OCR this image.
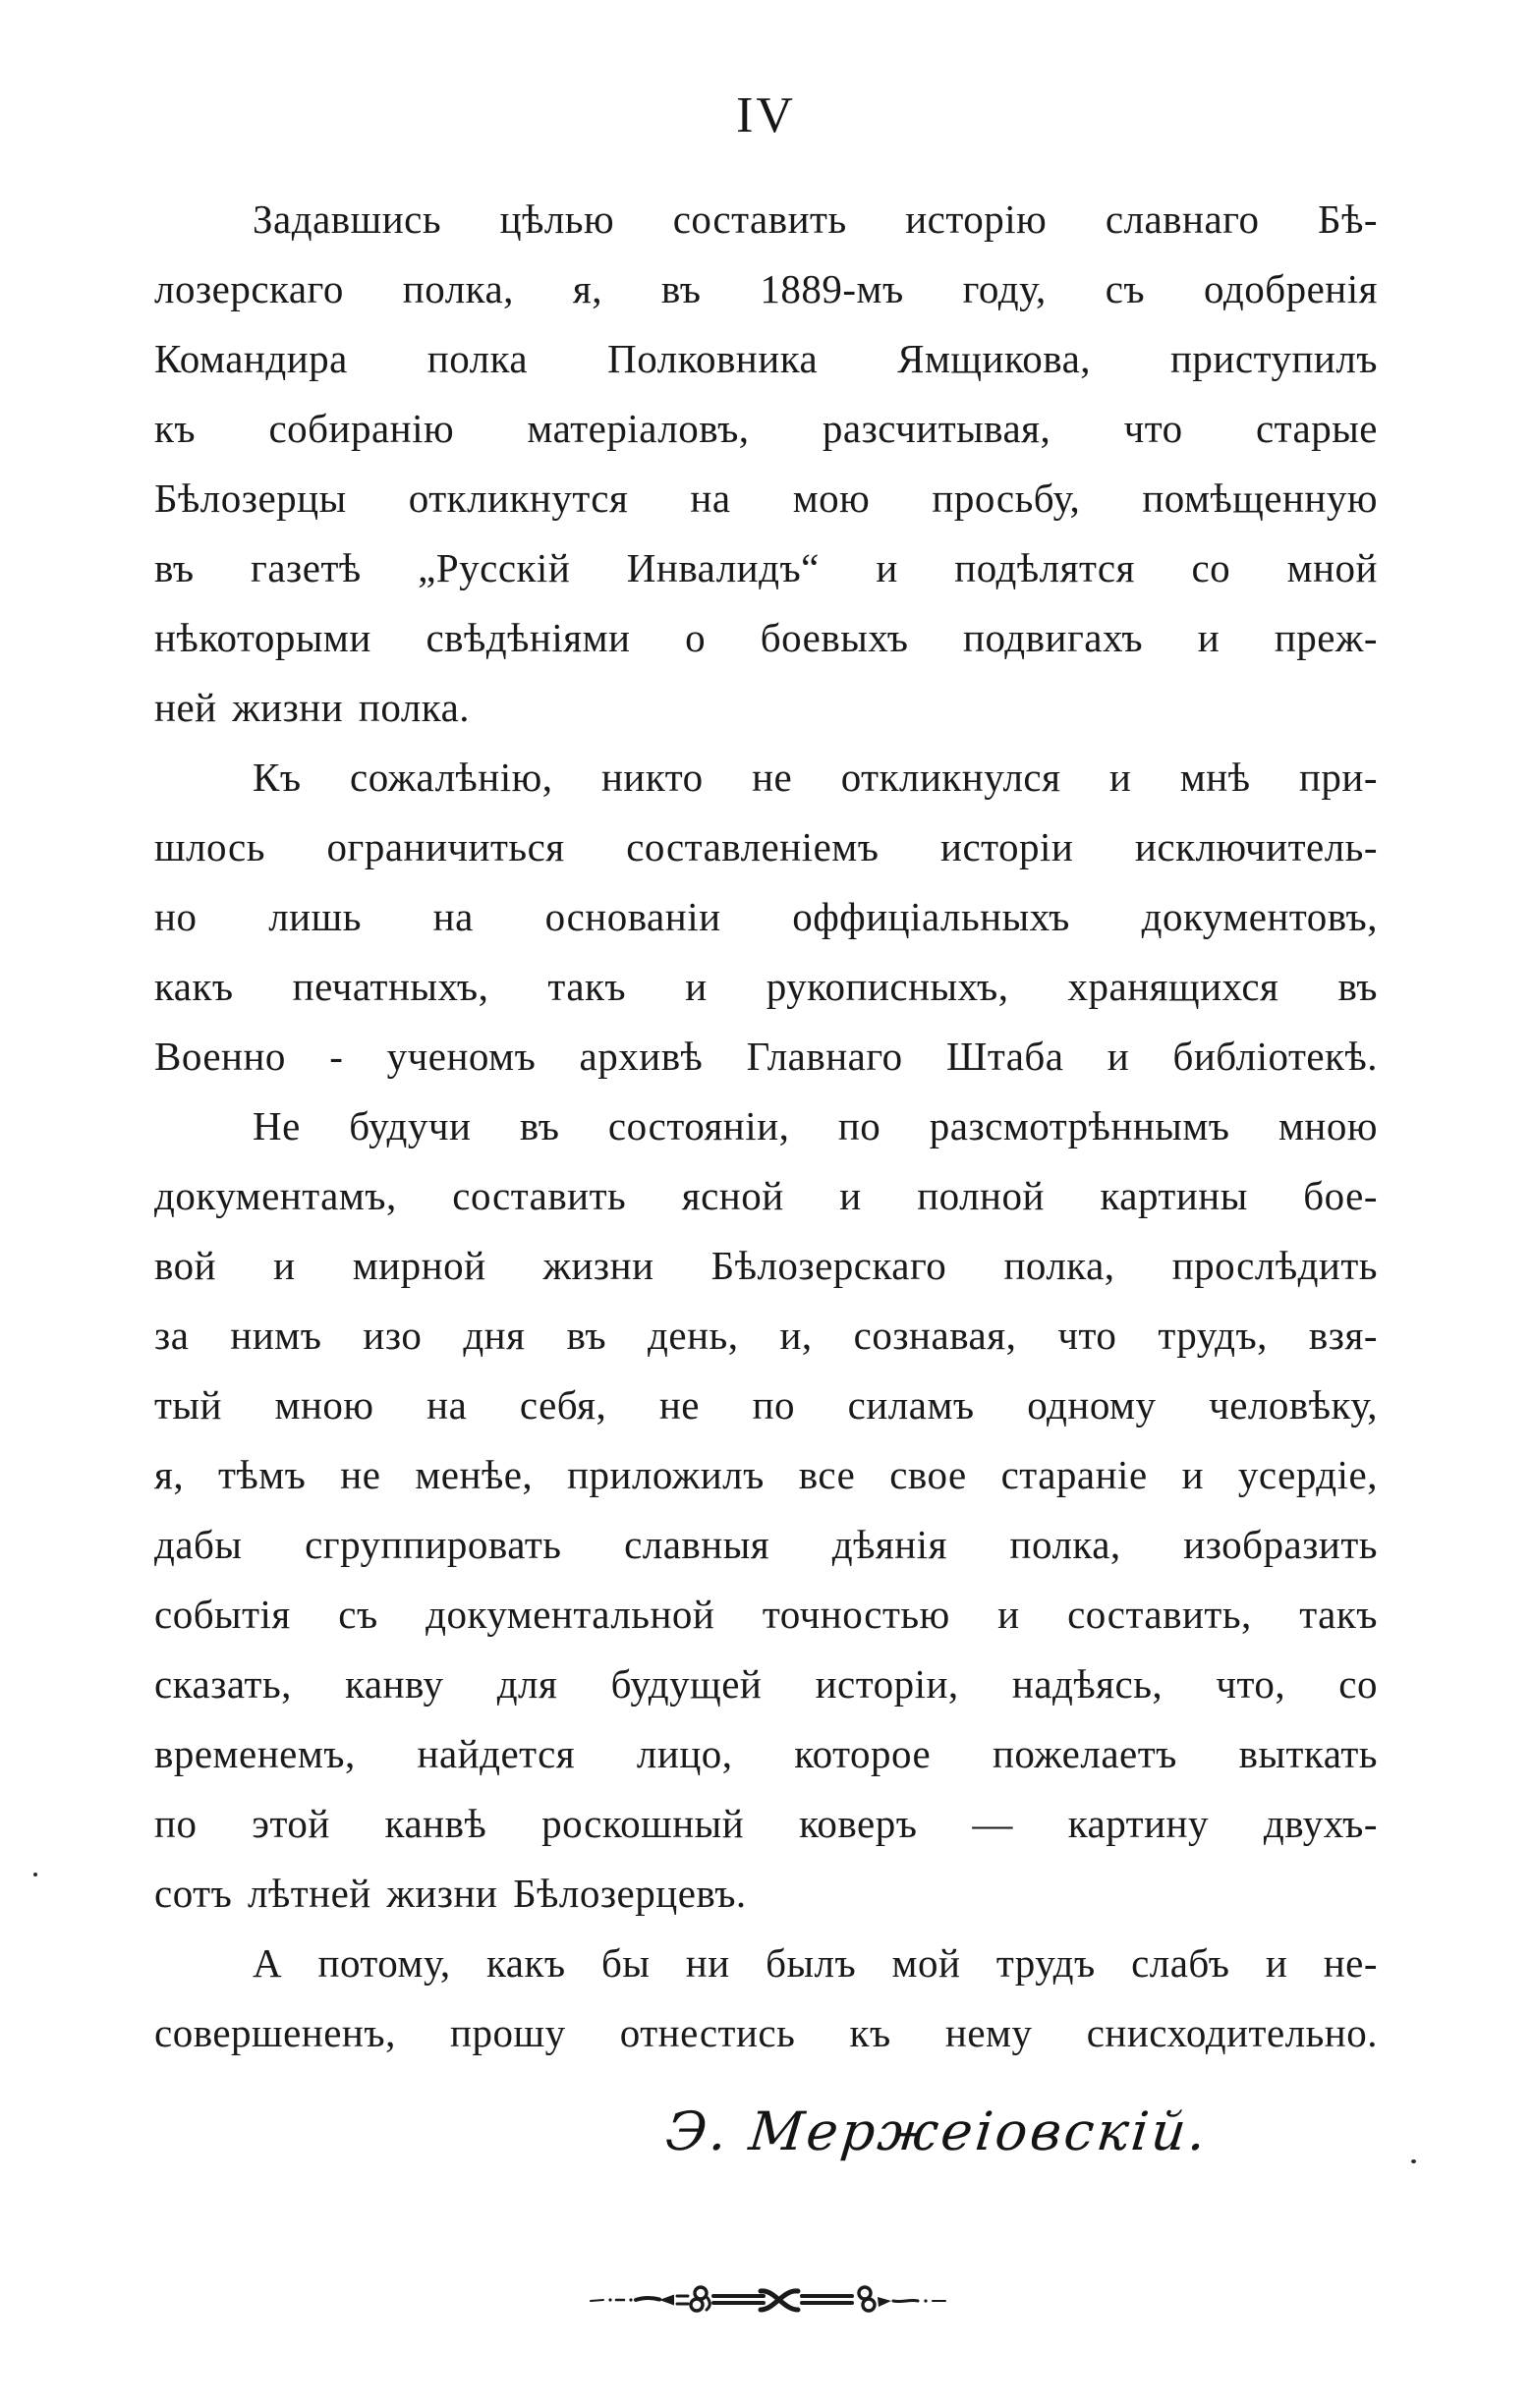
IV
Задавшись цѣлью составить исторію славнаго Бѣ-
лозерскаго полка, я, въ 1889-мъ году, съ одобренія
Командира полка Полковника Ямщикова, приступилъ
къ собиранію матеріаловъ, разсчитывая, что старые
Бѣлозерцы откликнутся на мою просьбу, помѣщенную
въ газетѣ „Русскій Инвалидъ“ и подѣлятся со мной
нѣкоторыми свѣдѣніями о боевыхъ подвигахъ и преж-
ней жизни полка.
Къ сожалѣнію, никто не откликнулся и мнѣ при-
шлось ограничиться составленіемъ исторіи исключитель-
но лишь на основаніи оффиціальныхъ документовъ,
какъ печатныхъ, такъ и рукописныхъ, хранящихся въ
Военно - ученомъ архивѣ Главнаго Штаба и библіотекѣ.
Не будучи въ состояніи, по разсмотрѣннымъ мною
документамъ, составить ясной и полной картины бое-
вой и мирной жизни Бѣлозерскаго полка, прослѣдить
за нимъ изо дня въ день, и, сознавая, что трудъ, взя-
тый мною на себя, не по силамъ одному человѣку,
я, тѣмъ не менѣе, приложилъ все свое стараніе и усердіе,
дабы сгруппировать славныя дѣянія полка, изобразить
событія съ документальной точностью и составить, такъ
сказать, канву для будущей исторіи, надѣясь, что, со
временемъ, найдется лицо, которое пожелаетъ выткать
по этой канвѣ роскошный коверъ — картину двухъ-
сотъ лѣтней жизни Бѣлозерцевъ.
А потому, какъ бы ни былъ мой трудъ слабъ и не-
совершененъ, прошу отнестись къ нему снисходительно.
Э. Мержеіовскій.
